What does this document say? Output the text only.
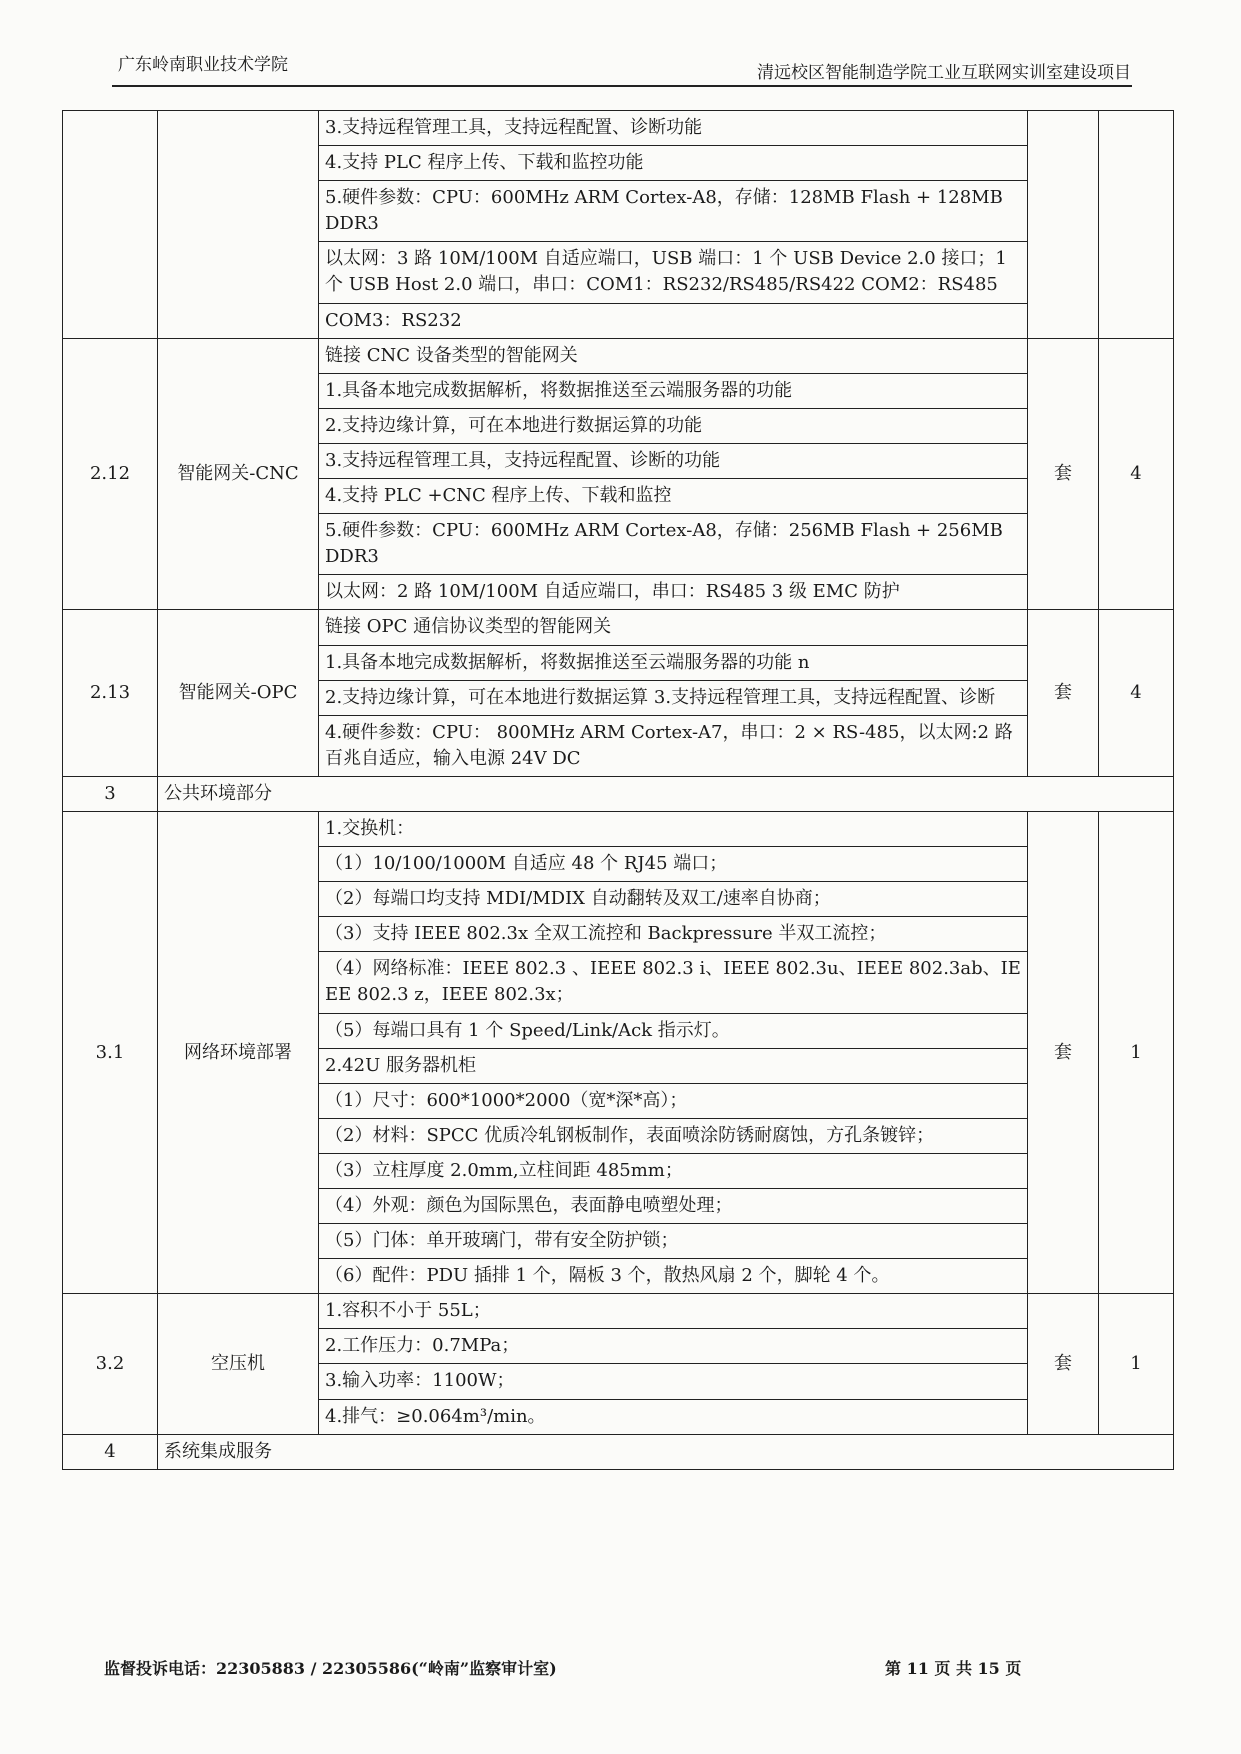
广东岭南职业技术学院	清远校区智能制造学院工业互联网实训室建设项目
		3.支持远程管理工具，支持远程配置、诊断功能		
		4.支持 PLC 程序上传、下载和监控功能		
		5.硬件参数：CPU：600MHz ARM Cortex-A8，存储：128MB Flash + 128MB DDR3		
		以太网：3 路 10M/100M 自适应端口，USB 端口：1 个 USB Device 2.0 接口；1 个 USB Host 2.0 端口，串口：COM1：RS232/RS485/RS422 COM2：RS485		
		COM3：RS232		
2.12	智能网关-CNC	链接 CNC 设备类型的智能网关	套	4
		1.具备本地完成数据解析，将数据推送至云端服务器的功能		
		2.支持边缘计算，可在本地进行数据运算的功能		
		3.支持远程管理工具，支持远程配置、诊断的功能		
		4.支持 PLC +CNC 程序上传、下载和监控		
		5.硬件参数：CPU：600MHz ARM Cortex-A8，存储：256MB Flash + 256MB DDR3		
		以太网：2 路 10M/100M 自适应端口，串口：RS485 3 级 EMC 防护		
2.13	智能网关-OPC	链接 OPC 通信协议类型的智能网关	套	4
		1.具备本地完成数据解析，将数据推送至云端服务器的功能 n		
		2.支持边缘计算，可在本地进行数据运算 3.支持远程管理工具，支持远程配置、诊断		
		4.硬件参数：CPU： 800MHz ARM Cortex-A7，串口：2 × RS-485，以太网:2 路百兆自适应，输入电源 24V DC		
3	公共环境部分			
3.1	网络环境部署	1.交换机：	套	1
		（1）10/100/1000M 自适应 48 个 RJ45 端口；		
		（2）每端口均支持 MDI/MDIX 自动翻转及双工/速率自协商；		
		（3）支持 IEEE 802.3x 全双工流控和 Backpressure 半双工流控；		
		（4）网络标准：IEEE 802.3 、IEEE 802.3 i、IEEE 802.3u、IEEE 802.3ab、IEEE 802.3 z，IEEE 802.3x；		
		（5）每端口具有 1 个 Speed/Link/Ack 指示灯。		
		2.42U 服务器机柜		
		（1）尺寸：600*1000*2000（宽*深*高）；		
		（2）材料：SPCC 优质冷轧钢板制作，表面喷涂防锈耐腐蚀，方孔条镀锌；		
		（3）立柱厚度 2.0mm,立柱间距 485mm；		
		（4）外观：颜色为国际黑色，表面静电喷塑处理；		
		（5）门体：单开玻璃门，带有安全防护锁；		
		（6）配件：PDU 插排 1 个，隔板 3 个，散热风扇 2 个，脚轮 4 个。		
3.2	空压机	1.容积不小于 55L；	套	1
		2.工作压力：0.7MPa；		
		3.输入功率：1100W；		
		4.排气：≥0.064m³/min。		
4	系统集成服务			
监督投诉电话：22305883 / 22305586(“岭南”监察审计室)	第 11 页 共 15 页
